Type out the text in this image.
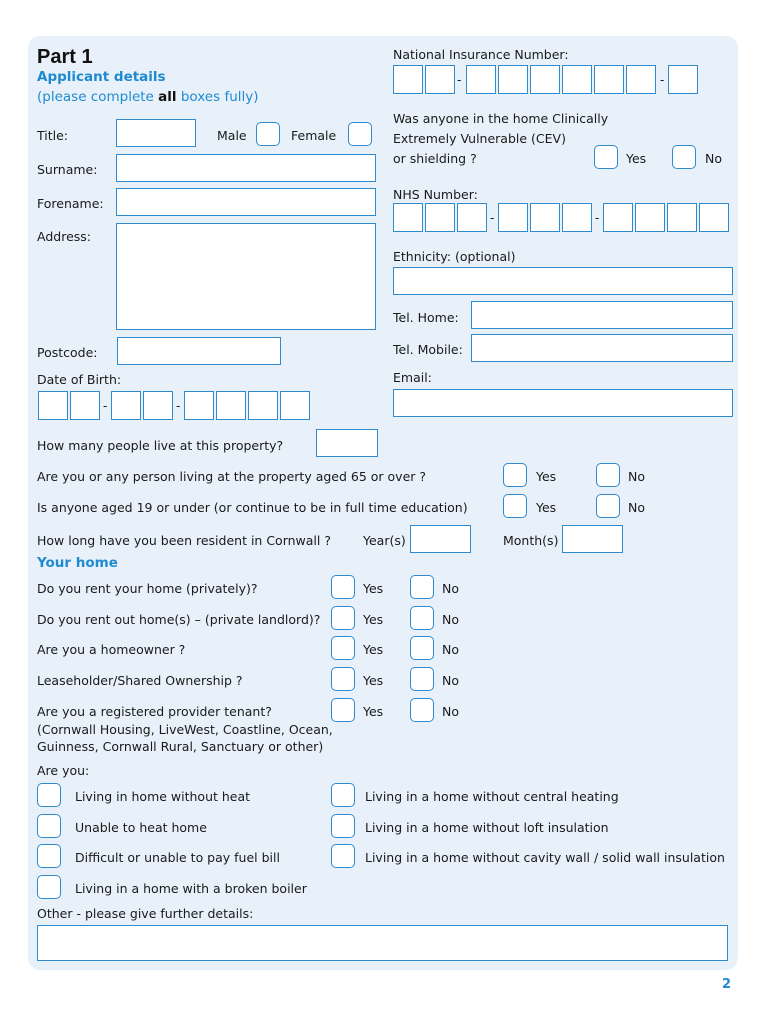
Part 1
Applicant details
(please complete all boxes fully)
Title:	Male	Female
Surname:
Forename:
Address:
Postcode:
Date of Birth:
-	-
National Insurance Number:
-	-
Was anyone in the home Clinically
Extremely Vulnerable (CEV)
or shielding ?	Yes	No
NHS Number:
-	-
Ethnicity: (optional)
Tel. Home:
Tel. Mobile:
Email:
How many people live at this property?
Are you or any person living at the property aged 65 or over ?	Yes	No
Is anyone aged 19 or under (or continue to be in full time education)	Yes	No
How long have you been resident in Cornwall ?	Year(s)	Month(s)
Your home
Do you rent your home (privately)?	Yes	No
Do you rent out home(s) – (private landlord)?	Yes	No
Are you a homeowner ?	Yes	No
Leaseholder/Shared Ownership ?	Yes	No
Are you a registered provider tenant?	Yes	No
(Cornwall Housing, LiveWest, Coastline, Ocean,
Guinness, Cornwall Rural, Sanctuary or other)
Are you:
Living in home without heat	Living in a home without central heating
Unable to heat home	Living in a home without loft insulation
Difficult or unable to pay fuel bill	Living in a home without cavity wall / solid wall insulation
Living in a home with a broken boiler
Other - please give further details:
2
